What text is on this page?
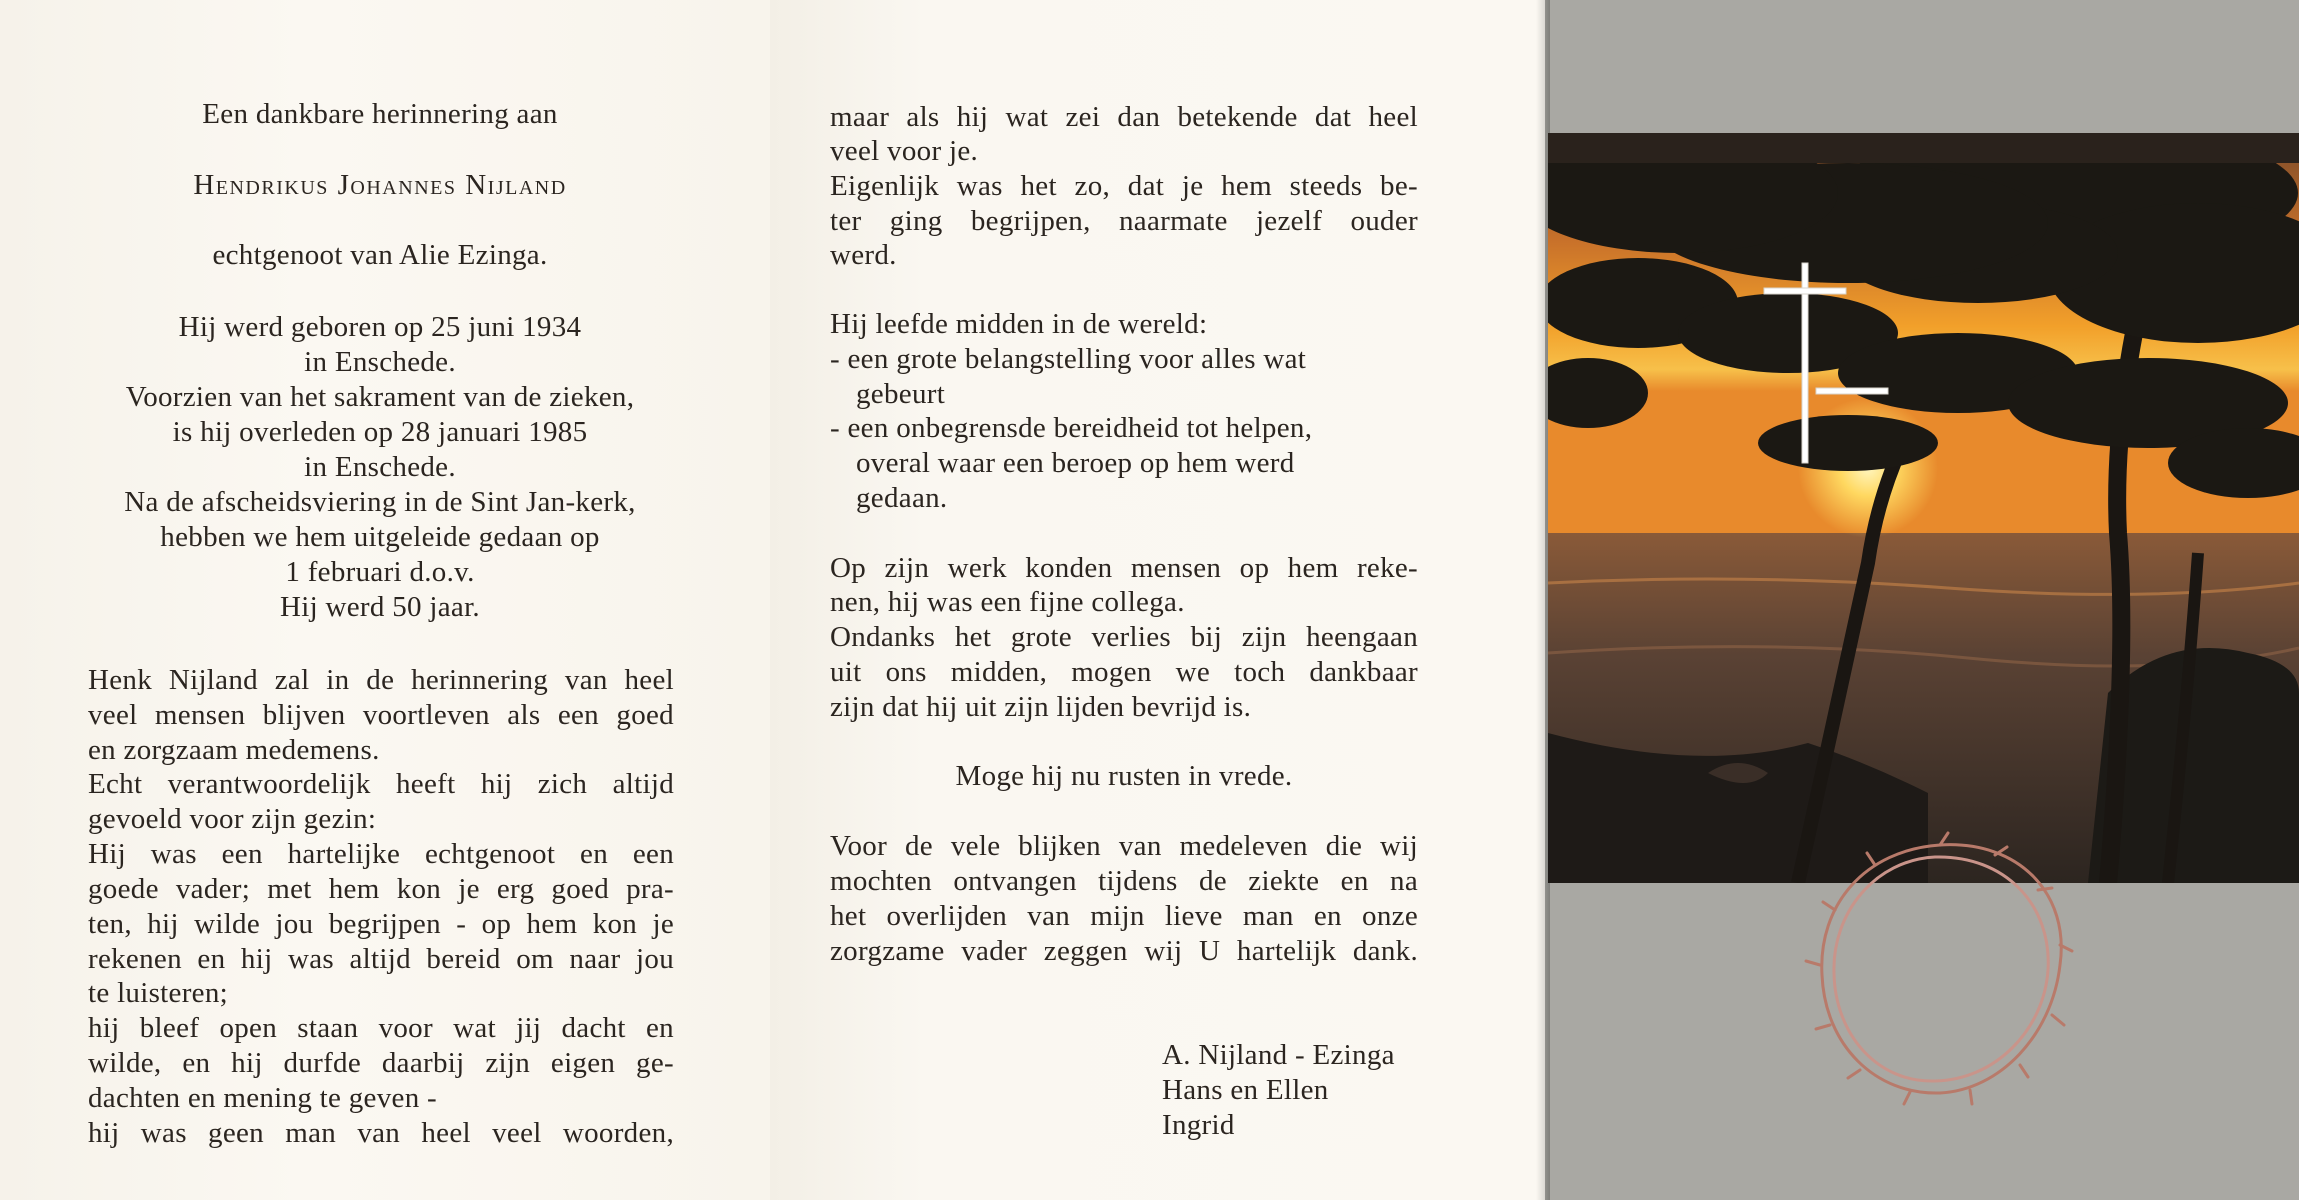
Een dankbare herinnering aan
Hendrikus Johannes Nijland
echtgenoot van Alie Ezinga.
Hij werd geboren op 25 juni 1934
in Enschede.
Voorzien van het sakrament van de zieken,
is hij overleden op 28 januari 1985
in Enschede.
Na de afscheidsviering in de Sint Jan-kerk,
hebben we hem uitgeleide gedaan op
1 februari d.o.v.
Hij werd 50 jaar.
Henk Nijland zal in de herinnering van heel
veel mensen blijven voortleven als een goed
en zorgzaam medemens.
Echt verantwoordelijk heeft hij zich altijd
gevoeld voor zijn gezin:
Hij was een hartelijke echtgenoot en een
goede vader; met hem kon je erg goed pra-
ten, hij wilde jou begrijpen - op hem kon je
rekenen en hij was altijd bereid om naar jou
te luisteren;
hij bleef open staan voor wat jij dacht en
wilde, en hij durfde daarbij zijn eigen ge-
dachten en mening te geven -
hij was geen man van heel veel woorden,
maar als hij wat zei dan betekende dat heel
veel voor je.
Eigenlijk was het zo, dat je hem steeds be-
ter ging begrijpen, naarmate jezelf ouder
werd.
Hij leefde midden in de wereld:
- een grote belangstelling voor alles wat
gebeurt
- een onbegrensde bereidheid tot helpen,
overal waar een beroep op hem werd
gedaan.
Op zijn werk konden mensen op hem reke-
nen, hij was een fijne collega.
Ondanks het grote verlies bij zijn heengaan
uit ons midden, mogen we toch dankbaar
zijn dat hij uit zijn lijden bevrijd is.
Moge hij nu rusten in vrede.
Voor de vele blijken van medeleven die wij
mochten ontvangen tijdens de ziekte en na
het overlijden van mijn lieve man en onze
zorgzame vader zeggen wij U hartelijk dank.
A. Nijland - Ezinga
Hans en Ellen
Ingrid
